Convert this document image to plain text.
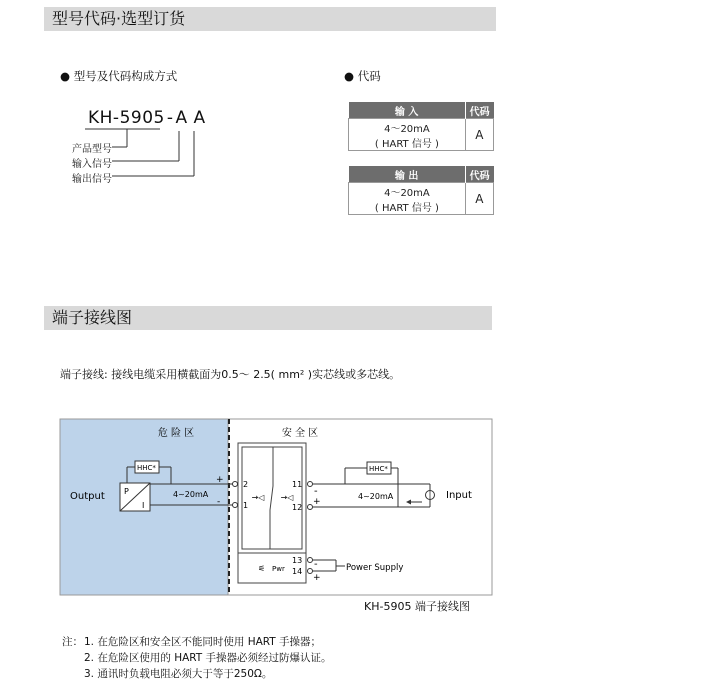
型号代码·选型订货
● 型号及代码构成方式	● 代码
KH-5905 - A A
产品型号
输入信号
输出信号
输 入	代码

4～20mA
( HART 信号 )	A
输 出	代码

4～20mA
( HART 信号 )	A
端子接线图
端子接线: 接线电缆采用横截面为0.5～ 2.5( mm² )实芯线或多芯线。
危 险 区	安 全 区
→◁ →◁
⚟ Pwr
2
1
11
12
13
14
Output P
I
4~20mA
+
-
HHC*
Input
4~20mA
-
+
HHC*
-
+
Power Supply
KH-5905 端子接线图
注： 1. 在危险区和安全区不能同时使用 HART 手操器；
2. 在危险区使用的 HART 手操器必须经过防爆认证。
3. 通讯时负载电阻必须大于等于250Ω。
